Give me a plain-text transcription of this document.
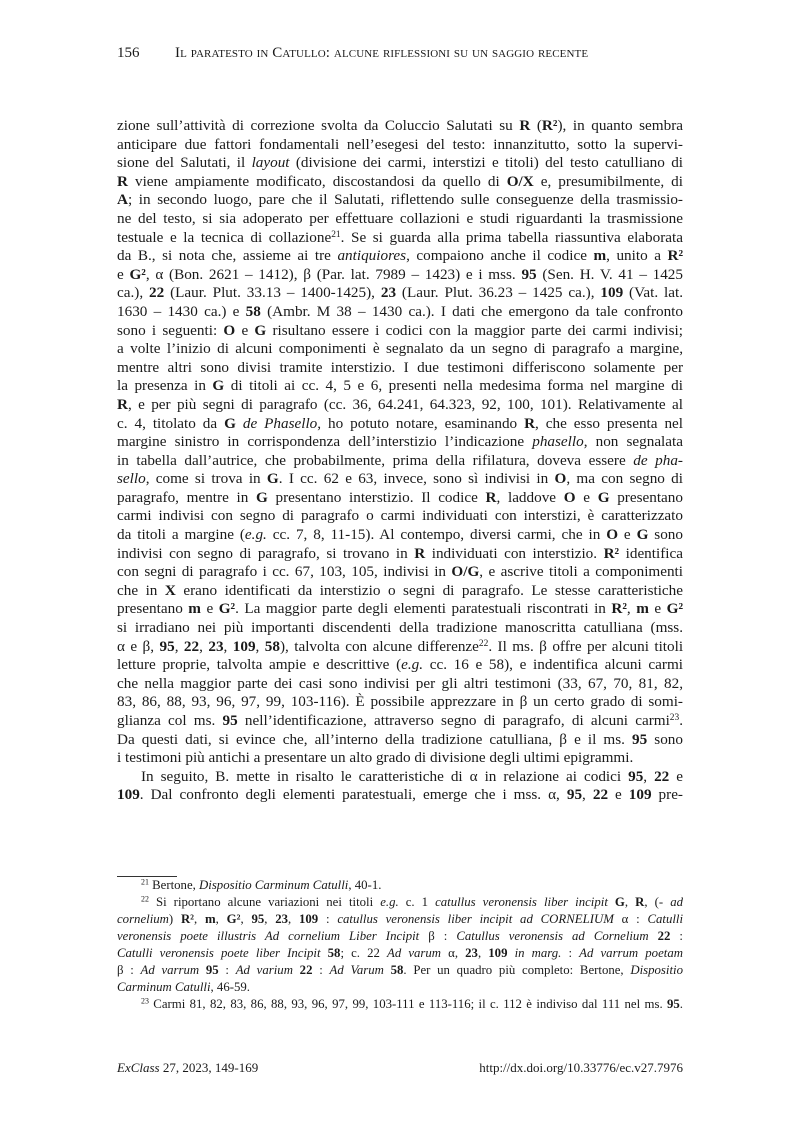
156 Il paratesto in Catullo: alcune riflessioni su un saggio recente
zione sull’attività di correzione svolta da Coluccio Salutati su R (R²), in quanto sembra
anticipare due fattori fondamentali nell’esegesi del testo: innanzitutto, sotto la supervi-
sione del Salutati, il layout (divisione dei carmi, interstizi e titoli) del testo catulliano di
R viene ampiamente modificato, discostandosi da quello di O/X e, presumibilmente, di
A; in secondo luogo, pare che il Salutati, riflettendo sulle conseguenze della trasmissio-
ne del testo, si sia adoperato per effettuare collazioni e studi riguardanti la trasmissione
testuale e la tecnica di collazione$^{21}$. Se si guarda alla prima tabella riassuntiva elaborata
da B., si nota che, assieme ai tre antiquiores, compaiono anche il codice m, unito a R²
e G², α (Bon. 2621 – 1412), β (Par. lat. 7989 – 1423) e i mss. 95 (Sen. H. V. 41 – 1425
ca.), 22 (Laur. Plut. 33.13 – 1400-1425), 23 (Laur. Plut. 36.23 – 1425 ca.), 109 (Vat. lat.
1630 – 1430 ca.) e 58 (Ambr. M 38 – 1430 ca.). I dati che emergono da tale confronto
sono i seguenti: O e G risultano essere i codici con la maggior parte dei carmi indivisi;
a volte l’inizio di alcuni componimenti è segnalato da un segno di paragrafo a margine,
mentre altri sono divisi tramite interstizio. I due testimoni differiscono solamente per
la presenza in G di titoli ai cc. 4, 5 e 6, presenti nella medesima forma nel margine di
R, e per più segni di paragrafo (cc. 36, 64.241, 64.323, 92, 100, 101). Relativamente al
c. 4, titolato da G de Phasello, ho potuto notare, esaminando R, che esso presenta nel
margine sinistro in corrispondenza dell’interstizio l’indicazione phasello, non segnalata
in tabella dall’autrice, che probabilmente, prima della rifilatura, doveva essere de pha-
sello, come si trova in G. I cc. 62 e 63, invece, sono sì indivisi in O, ma con segno di
paragrafo, mentre in G presentano interstizio. Il codice R, laddove O e G presentano
carmi indivisi con segno di paragrafo o carmi individuati con interstizi, è caratterizzato
da titoli a margine (e.g. cc. 7, 8, 11-15). Al contempo, diversi carmi, che in O e G sono
indivisi con segno di paragrafo, si trovano in R individuati con interstizio. R² identifica
con segni di paragrafo i cc. 67, 103, 105, indivisi in O/G, e ascrive titoli a componimenti
che in X erano identificati da interstizio o segni di paragrafo. Le stesse caratteristiche
presentano m e G². La maggior parte degli elementi paratestuali riscontrati in R², m e G²
si irradiano nei più importanti discendenti della tradizione manoscritta catulliana (mss.
α e β, 95, 22, 23, 109, 58), talvolta con alcune differenze$^{22}$. Il ms. β offre per alcuni titoli
letture proprie, talvolta ampie e descrittive (e.g. cc. 16 e 58), e indentifica alcuni carmi
che nella maggior parte dei casi sono indivisi per gli altri testimoni (33, 67, 70, 81, 82,
83, 86, 88, 93, 96, 97, 99, 103-116). È possibile apprezzare in β un certo grado di somi-
glianza col ms. 95 nell’identificazione, attraverso segno di paragrafo, di alcuni carmi$^{23}$.
Da questi dati, si evince che, all’interno della tradizione catulliana, β e il ms. 95 sono
i testimoni più antichi a presentare un alto grado di divisione degli ultimi epigrammi.
In seguito, B. mette in risalto le caratteristiche di α in relazione ai codici 95, 22 e
109. Dal confronto degli elementi paratestuali, emerge che i mss. α, 95, 22 e 109 pre-
$^{21}$ Bertone, Dispositio Carminum Catulli, 40-1.
$^{22}$ Si riportano alcune variazioni nei titoli e.g. c. 1 catullus veronensis liber incipit G, R, (- ad
cornelium) R², m, G², 95, 23, 109 : catullus veronensis liber incipit ad CORNELIUM α : Catulli
veronensis poete illustris Ad cornelium Liber Incipit β : Catullus veronensis ad Cornelium 22 :
Catulli veronensis poete liber Incipit 58; c. 22 Ad varum α, 23, 109 in marg. : Ad varrum poetam
β : Ad varrum 95 : Ad varium 22 : Ad Varum 58. Per un quadro più completo: Bertone, Dispositio
Carminum Catulli, 46-59.
$^{23}$ Carmi 81, 82, 83, 86, 88, 93, 96, 97, 99, 103-111 e 113-116; il c. 112 è indiviso dal 111 nel ms. 95.
ExClass 27, 2023, 149-169	http://dx.doi.org/10.33776/ec.v27.7976
